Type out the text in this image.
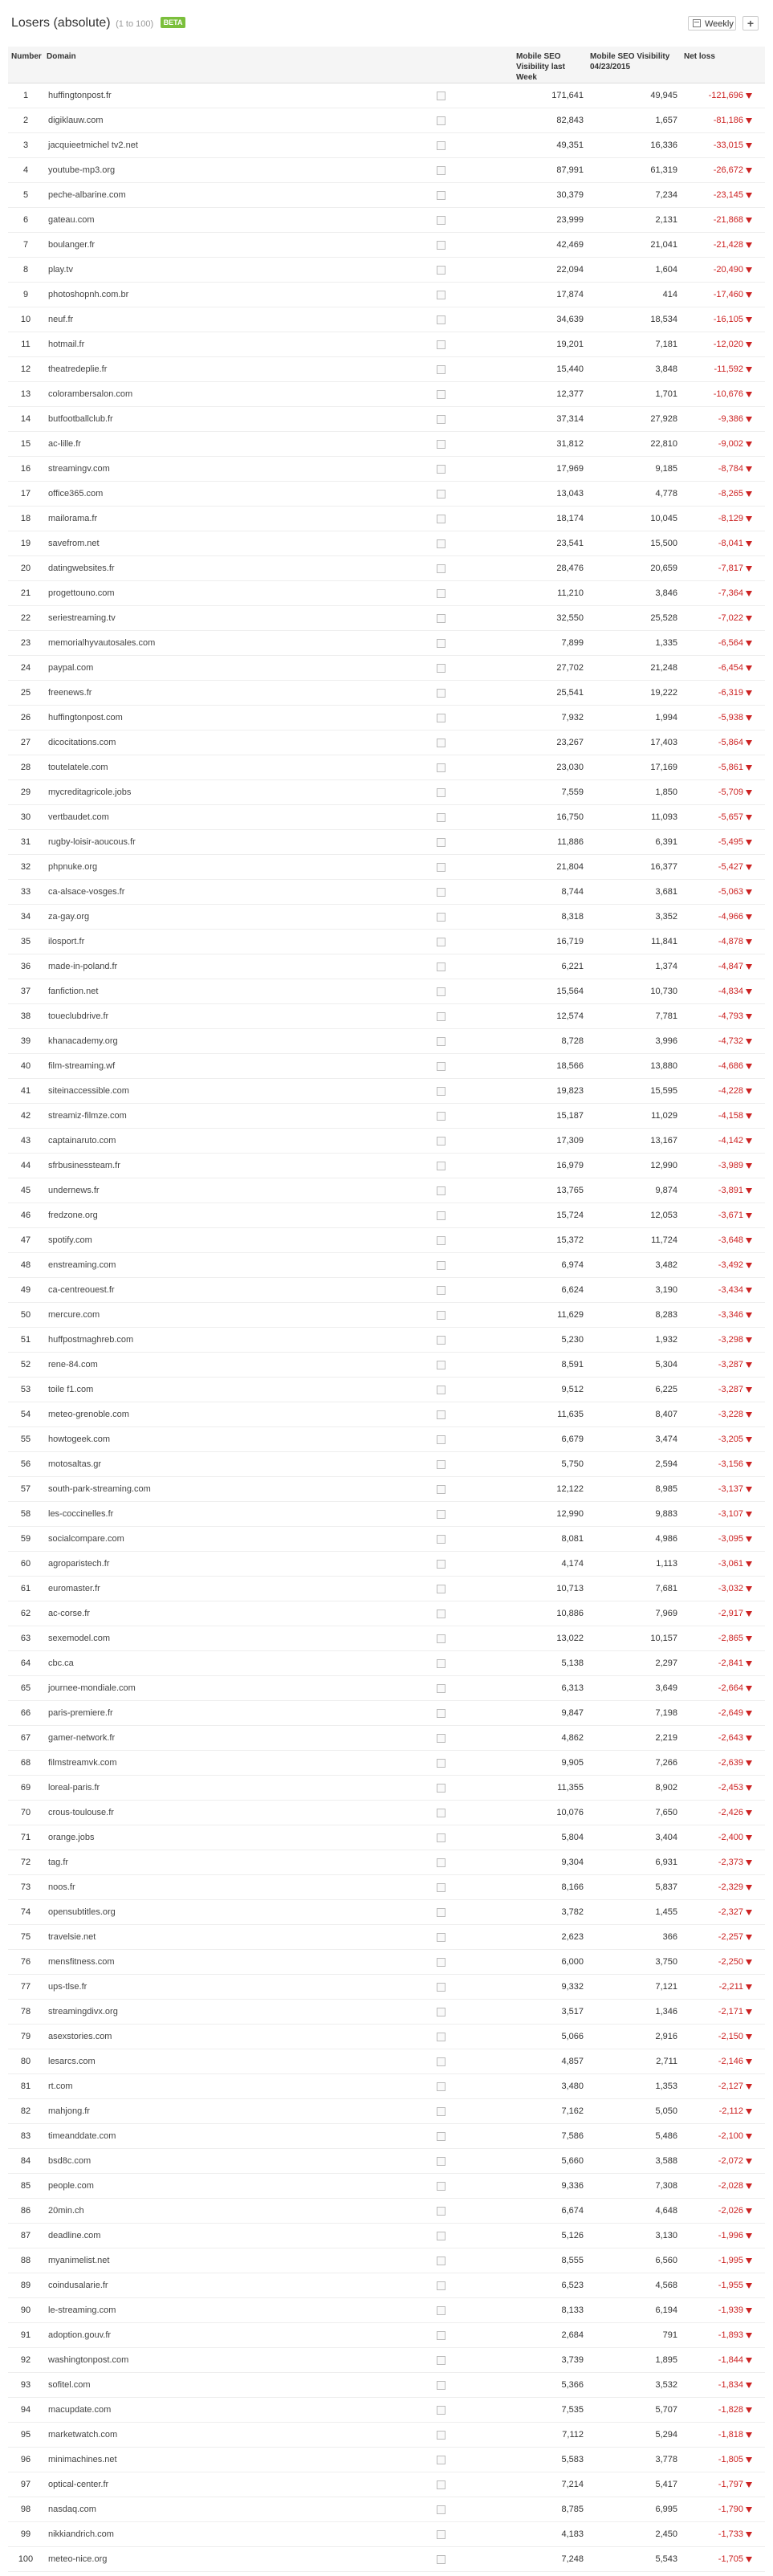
Losers (absolute) (1 to 100) BETA	Weekly	+
Number	Domain		Mobile SEO Visibility last Week	Mobile SEO Visibility 04/23/2015	Net loss
1	huffingtonpost.fr		171,641	49,945	-121,696
2	digiklauw.com		82,843	1,657	-81,186
3	jacquieetmichel tv2.net		49,351	16,336	-33,015
4	youtube-mp3.org		87,991	61,319	-26,672
5	peche-albarine.com		30,379	7,234	-23,145
6	gateau.com		23,999	2,131	-21,868
7	boulanger.fr		42,469	21,041	-21,428
8	play.tv		22,094	1,604	-20,490
9	photoshopnh.com.br		17,874	414	-17,460
10	neuf.fr		34,639	18,534	-16,105
11	hotmail.fr		19,201	7,181	-12,020
12	theatredeplie.fr		15,440	3,848	-11,592
13	colorambersalon.com		12,377	1,701	-10,676
14	butfootballclub.fr		37,314	27,928	-9,386
15	ac-lille.fr		31,812	22,810	-9,002
16	streamingv.com		17,969	9,185	-8,784
17	office365.com		13,043	4,778	-8,265
18	mailorama.fr		18,174	10,045	-8,129
19	savefrom.net		23,541	15,500	-8,041
20	datingwebsites.fr		28,476	20,659	-7,817
21	progettouno.com		11,210	3,846	-7,364
22	seriestreaming.tv		32,550	25,528	-7,022
23	memorialhyvautosales.com		7,899	1,335	-6,564
24	paypal.com		27,702	21,248	-6,454
25	freenews.fr		25,541	19,222	-6,319
26	huffingtonpost.com		7,932	1,994	-5,938
27	dicocitations.com		23,267	17,403	-5,864
28	toutelatele.com		23,030	17,169	-5,861
29	mycreditagricole.jobs		7,559	1,850	-5,709
30	vertbaudet.com		16,750	11,093	-5,657
31	rugby-loisir-aoucous.fr		11,886	6,391	-5,495
32	phpnuke.org		21,804	16,377	-5,427
33	ca-alsace-vosges.fr		8,744	3,681	-5,063
34	za-gay.org		8,318	3,352	-4,966
35	ilosport.fr		16,719	11,841	-4,878
36	made-in-poland.fr		6,221	1,374	-4,847
37	fanfiction.net		15,564	10,730	-4,834
38	toueclubdrive.fr		12,574	7,781	-4,793
39	khanacademy.org		8,728	3,996	-4,732
40	film-streaming.wf		18,566	13,880	-4,686
41	siteinaccessible.com		19,823	15,595	-4,228
42	streamiz-filmze.com		15,187	11,029	-4,158
43	captainaruto.com		17,309	13,167	-4,142
44	sfrbusinessteam.fr		16,979	12,990	-3,989
45	undernews.fr		13,765	9,874	-3,891
46	fredzone.org		15,724	12,053	-3,671
47	spotify.com		15,372	11,724	-3,648
48	enstreaming.com		6,974	3,482	-3,492
49	ca-centreouest.fr		6,624	3,190	-3,434
50	mercure.com		11,629	8,283	-3,346
51	huffpostmaghreb.com		5,230	1,932	-3,298
52	rene-84.com		8,591	5,304	-3,287
53	toile f1.com		9,512	6,225	-3,287
54	meteo-grenoble.com		11,635	8,407	-3,228
55	howtogeek.com		6,679	3,474	-3,205
56	motosaltas.gr		5,750	2,594	-3,156
57	south-park-streaming.com		12,122	8,985	-3,137
58	les-coccinelles.fr		12,990	9,883	-3,107
59	socialcompare.com		8,081	4,986	-3,095
60	agroparistech.fr		4,174	1,113	-3,061
61	euromaster.fr		10,713	7,681	-3,032
62	ac-corse.fr		10,886	7,969	-2,917
63	sexemodel.com		13,022	10,157	-2,865
64	cbc.ca		5,138	2,297	-2,841
65	journee-mondiale.com		6,313	3,649	-2,664
66	paris-premiere.fr		9,847	7,198	-2,649
67	gamer-network.fr		4,862	2,219	-2,643
68	filmstreamvk.com		9,905	7,266	-2,639
69	loreal-paris.fr		11,355	8,902	-2,453
70	crous-toulouse.fr		10,076	7,650	-2,426
71	orange.jobs		5,804	3,404	-2,400
72	tag.fr		9,304	6,931	-2,373
73	noos.fr		8,166	5,837	-2,329
74	opensubtitles.org		3,782	1,455	-2,327
75	travelsie.net		2,623	366	-2,257
76	mensfitness.com		6,000	3,750	-2,250
77	ups-tlse.fr		9,332	7,121	-2,211
78	streamingdivx.org		3,517	1,346	-2,171
79	asexstories.com		5,066	2,916	-2,150
80	lesarcs.com		4,857	2,711	-2,146
81	rt.com		3,480	1,353	-2,127
82	mahjong.fr		7,162	5,050	-2,112
83	timeanddate.com		7,586	5,486	-2,100
84	bsd8c.com		5,660	3,588	-2,072
85	people.com		9,336	7,308	-2,028
86	20min.ch		6,674	4,648	-2,026
87	deadline.com		5,126	3,130	-1,996
88	myanimelist.net		8,555	6,560	-1,995
89	coindusalarie.fr		6,523	4,568	-1,955
90	le-streaming.com		8,133	6,194	-1,939
91	adoption.gouv.fr		2,684	791	-1,893
92	washingtonpost.com		3,739	1,895	-1,844
93	sofitel.com		5,366	3,532	-1,834
94	macupdate.com		7,535	5,707	-1,828
95	marketwatch.com		7,112	5,294	-1,818
96	minimachines.net		5,583	3,778	-1,805
97	optical-center.fr		7,214	5,417	-1,797
98	nasdaq.com		8,785	6,995	-1,790
99	nikkiandrich.com		4,183	2,450	-1,733
100	meteo-nice.org		7,248	5,543	-1,705
